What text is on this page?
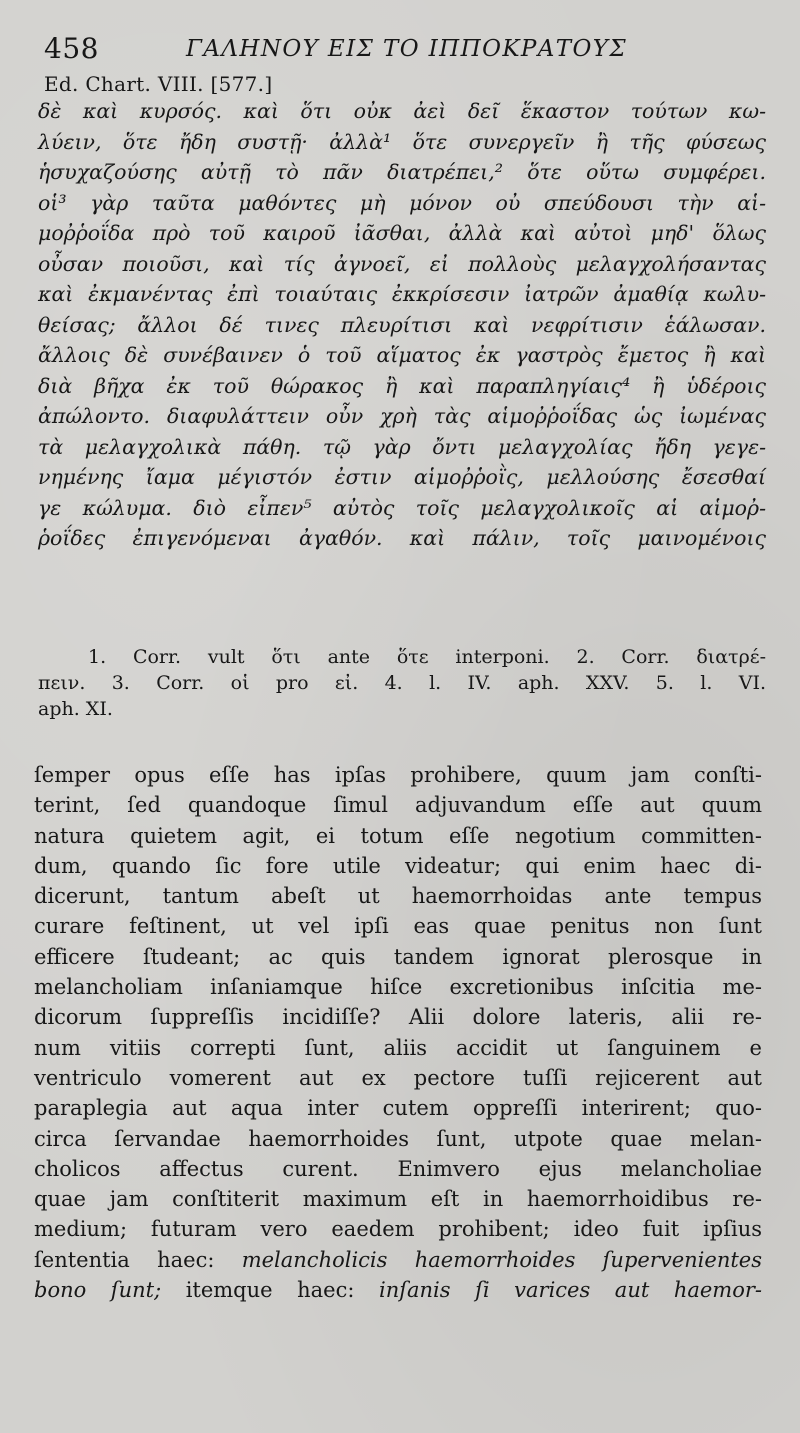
458	ΓΑΛΗΝΟΥ ΕΙΣ ΤΟ ΙΠΠΟΚΡΑΤΟΥΣ
Ed. Chart. VIII. [577.]
δὲ καὶ κυρσός. καὶ ὅτι οὐκ ἀεὶ δεῖ ἕκαστον τούτων κω-
λύειν, ὅτε ἤδη συστῇ· ἀλλὰ¹ ὅτε συνεργεῖν ἢ τῆς φύσεως
ἡσυχαζούσης αὐτῇ τὸ πᾶν διατρέπει,² ὅτε οὕτω συμφέρει.
οἱ³ γὰρ ταῦτα μαθόντες μὴ μόνον οὐ σπεύδουσι τὴν αἱ-
μοῤῥοΐδα πρὸ τοῦ καιροῦ ἰᾶσθαι, ἀλλὰ καὶ αὐτοὶ μηδ' ὅλως
οὖσαν ποιοῦσι, καὶ τίς ἀγνοεῖ, εἰ πολλοὺς μελαγχολήσαντας
καὶ ἐκμανέντας ἐπὶ τοιαύταις ἐκκρίσεσιν ἰατρῶν ἀμαθίᾳ κωλυ-
θείσας; ἄλλοι δέ τινες πλευρίτισι καὶ νεφρίτισιν ἑάλωσαν.
ἄλλοις δὲ συνέβαινεν ὁ τοῦ αἵματος ἐκ γαστρὸς ἔμετος ἢ καὶ
διὰ βῆχα ἐκ τοῦ θώρακος ἢ καὶ παραπληγίαις⁴ ἢ ὑδέροις
ἀπώλοντο. διαφυλάττειν οὖν χρὴ τὰς αἱμοῤῥοΐδας ὡς ἰωμένας
τὰ μελαγχολικὰ πάθη. τῷ γὰρ ὄντι μελαγχολίας ἤδη γεγε-
νημένης ἴαμα μέγιστόν ἐστιν αἱμοῤῥοῒς, μελλούσης ἔσεσθαί
γε κώλυμα. διὸ εἶπεν⁵ αὐτὸς τοῖς μελαγχολικοῖς αἱ αἱμοῤ-
ῥοΐδες ἐπιγενόμεναι ἀγαθόν. καὶ πάλιν, τοῖς μαινομένοις
1. Corr. vult ὅτι ante ὅτε interponi. 2. Corr. διατρέ-
πειν. 3. Corr. οἱ pro εἰ. 4. l. IV. aph. XXV. 5. l. VI.
aph. XI.
ſemper opus eſſe has ipſas prohibere, quum jam conſti-
terint, ſed quandoque ſimul adjuvandum eſſe aut quum
natura quietem agit, ei totum eſſe negotium committen-
dum, quando ſic fore utile videatur; qui enim haec di-
dicerunt, tantum abeſt ut haemorrhoidas ante tempus
curare feſtinent, ut vel ipſi eas quae penitus non ſunt
efficere ſtudeant; ac quis tandem ignorat plerosque in
melancholiam inſaniamque hiſce excretionibus inſcitia me-
dicorum ſuppreſſis incidiſſe? Alii dolore lateris, alii re-
num vitiis correpti ſunt, aliis accidit ut ſanguinem e
ventriculo vomerent aut ex pectore tuſſi rejicerent aut
paraplegia aut aqua inter cutem oppreſſi interirent; quo-
circa ſervandae haemorrhoides ſunt, utpote quae melan-
cholicos affectus curent. Enimvero ejus melancholiae
quae jam conſtiterit maximum eſt in haemorrhoidibus re-
medium; futuram vero eaedem prohibent; ideo fuit ipſius
ſententia haec: melancholicis haemorrhoides ſupervenientes
bono ſunt; itemque haec: inſanis ſi varices aut haemor-
